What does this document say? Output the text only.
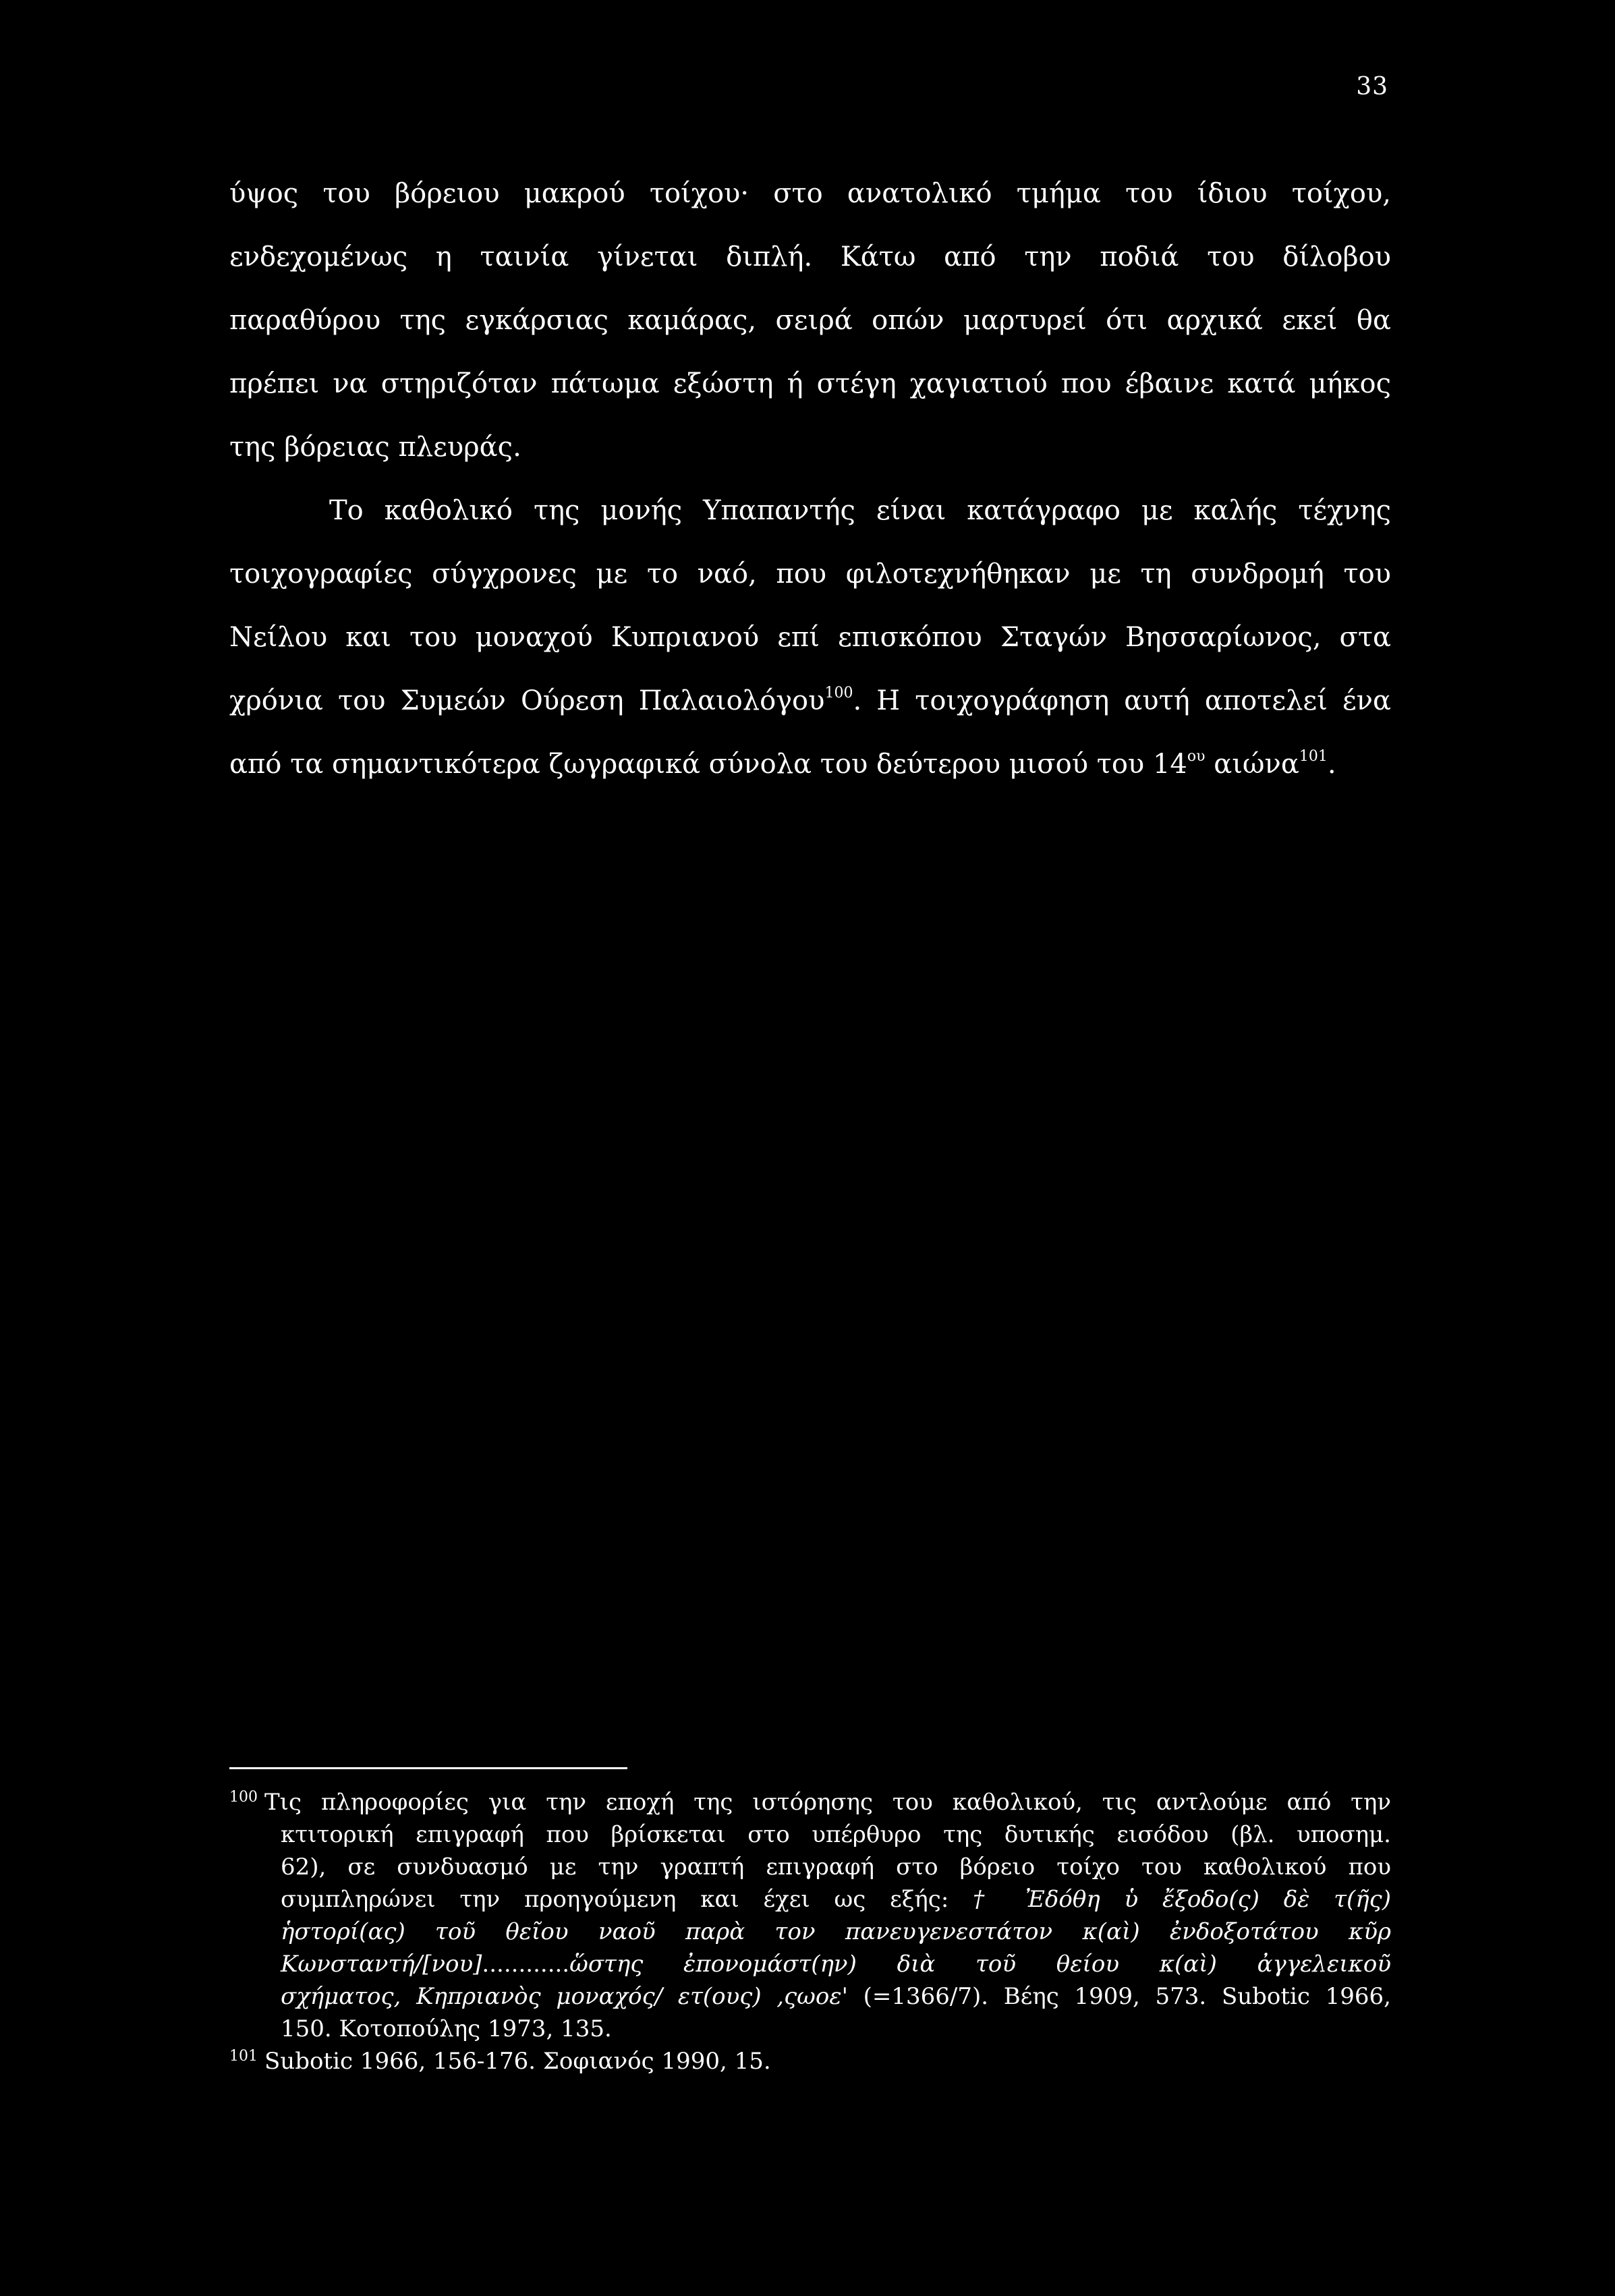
33
ύψος του βόρειου μακρού τοίχου· στο ανατολικό τμήμα του ίδιου τοίχου,
ενδεχομένως η ταινία γίνεται διπλή. Κάτω από την ποδιά του δίλοβου
παραθύρου της εγκάρσιας καμάρας, σειρά οπών μαρτυρεί ότι αρχικά εκεί θα
πρέπει να στηριζόταν πάτωμα εξώστη ή στέγη χαγιατιού που έβαινε κατά μήκος
της βόρειας πλευράς.
Το καθολικό της μονής Υπαπαντής είναι κατάγραφο με καλής τέχνης
τοιχογραφίες σύγχρονες με το ναό, που φιλοτεχνήθηκαν με τη συνδρομή του
Νείλου και του μοναχού Κυπριανού επί επισκόπου Σταγών Βησσαρίωνος, στα
χρόνια του Συμεών Ούρεση Παλαιολόγου$^{100}$. Η τοιχογράφηση αυτή αποτελεί ένα
από τα σημαντικότερα ζωγραφικά σύνολα του δεύτερου μισού του $14^{o\upsilon}$ αιώνα$^{101}$.
$^{100}$ Τις πληροφορίες για την εποχή της ιστόρησης του καθολικού, τις αντλούμε από την
κτιτορική επιγραφή που βρίσκεται στο υπέρθυρο της δυτικής εισόδου (βλ. υποσημ.
62), σε συνδυασμό με την γραπτή επιγραφή στο βόρειο τοίχο του καθολικού που
συμπληρώνει την προηγούμενη και έχει ως εξής: † Ἐδόθη ὑ ἔξοδο(ς) δὲ τ(ῆς)
ἡστορί(ας) τοῦ θεῖου ναοῦ παρὰ τον πανευγενεστάτον κ(αὶ) ἐνδοξοτάτου κῦρ
Κωνσταντή/[νου]............ὥστης ἐπονομάστ(ην) διὰ τοῦ θείου κ(αὶ) ἀγγελεικοῦ
σχήματος, Κηπριανὸς μοναχός/ ετ(ους) ,ςωοε' (=1366/7). Βέης 1909, 573. Subotic 1966,
150. Κοτοπούλης 1973, 135.
$^{101}$ Subotic 1966, 156-176. Σοφιανός 1990, 15.
